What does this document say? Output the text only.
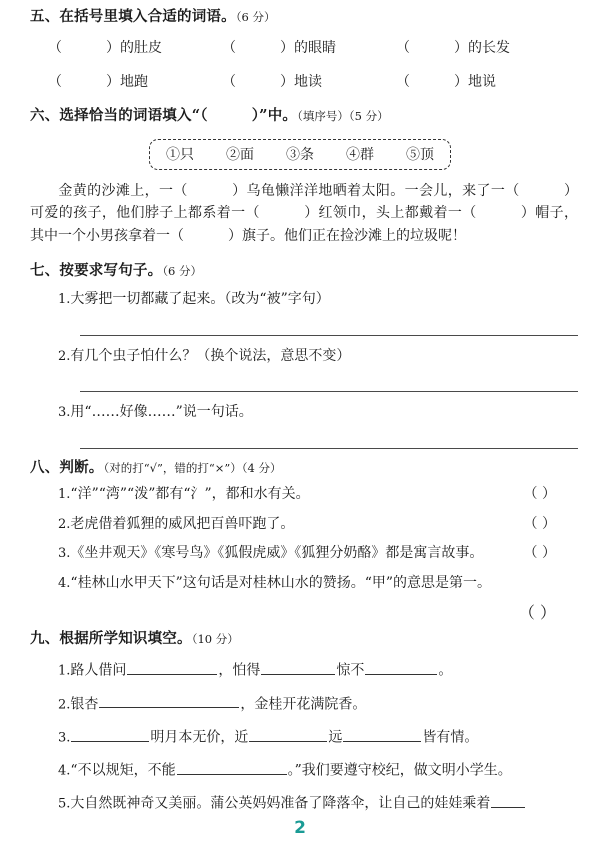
五、在括号里填入合适的词语。（6 分）
（	）的肚皮	（	）的眼睛	（	）的长发
（	）地跑	（	）地读	（	）地说
六、选择恰当的词语填入“（	）”中。（填序号）（5 分）
①只 ②面 ③条 ④群 ⑤顶
金黄的沙滩上，一（	）乌龟懒洋洋地晒着太阳。一会儿，来了一（	）可爱的孩子，他们脖子上都系着一（	）红领巾，头上都戴着一（	）帽子，其中一个小男孩拿着一（	）旗子。他们正在捡沙滩上的垃圾呢！
七、按要求写句子。（6 分）
1.大雾把一切都藏了起来。（改为“被”字句）
2.有几个虫子怕什么？（换个说法，意思不变）
3.用“……好像……”说一句话。
八、判断。（对的打“√”，错的打“×”）（4 分）
1.“洋”“湾”“泼”都有“氵”，都和水有关。	（ ）
2.老虎借着狐狸的威风把百兽吓跑了。	（ ）
3.《坐井观天》《寒号鸟》《狐假虎威》《狐狸分奶酪》都是寓言故事。	（ ）
4.“桂林山水甲天下”这句话是对桂林山水的赞扬。“甲”的意思是第一。
（ ）
九、根据所学知识填空。（10 分）
1.路人借问	，怕得	惊不	。
2.银杏	，金桂开花满院香。
3.	明月本无价，近	远	皆有情。
4.“不以规矩，不能	。”我们要遵守校纪，做文明小学生。
5.大自然既神奇又美丽。蒲公英妈妈准备了降落伞，让自己的娃娃乘着
2
